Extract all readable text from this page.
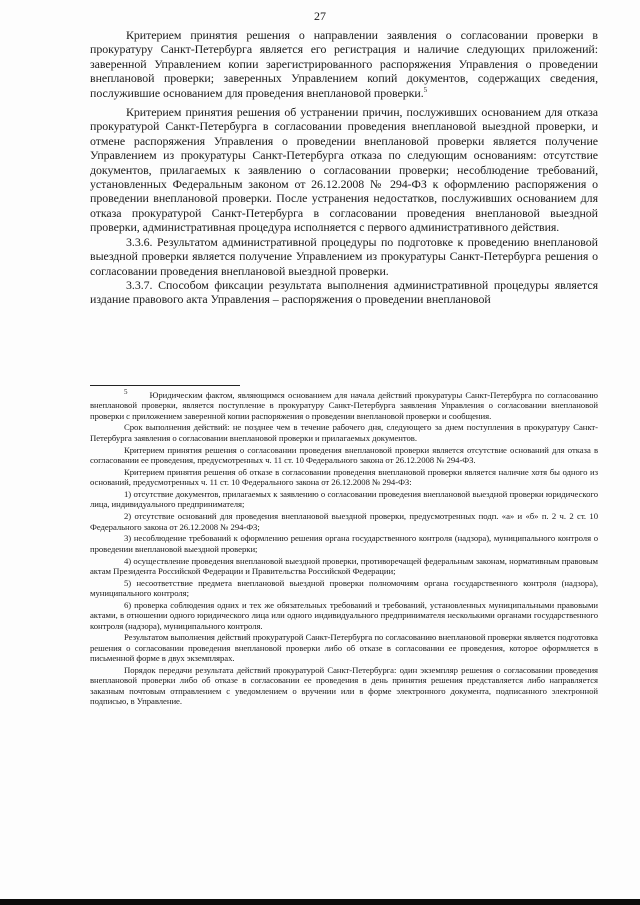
27

Критерием принятия решения о направлении заявления о согласовании проверки в прокуратуру Санкт-Петербурга является его регистрация и наличие следующих приложений: заверенной Управлением копии зарегистрированного распоряжения Управления о проведении внеплановой проверки; заверенных Управлением копий документов, содержащих сведения, послужившие основанием для проведения внеплановой проверки.$^5$

Критерием принятия решения об устранении причин, послуживших основанием для отказа прокуратурой Санкт-Петербурга в согласовании проведения внеплановой выездной проверки, и отмене распоряжения Управления о проведении внеплановой проверки является получение Управлением из прокуратуры Санкт-Петербурга отказа по следующим основаниям: отсутствие документов, прилагаемых к заявлению о согласовании проверки; несоблюдение требований, установленных Федеральным законом от 26.12.2008 № 294-ФЗ к оформлению распоряжения о проведении внеплановой проверки. После устранения недостатков, послуживших основанием для отказа прокуратурой Санкт-Петербурга в согласовании проведения внеплановой выездной проверки, административная процедура исполняется с первого административного действия.

3.3.6. Результатом административной процедуры по подготовке к проведению внеплановой выездной проверки является получение Управлением из прокуратуры Санкт-Петербурга решения о согласовании проведения внеплановой выездной проверки.

3.3.7. Способом фиксации результата выполнения административной процедуры является издание правового акта Управления – распоряжения о проведении внеплановой

$^5$	Юридическим фактом, являющимся основанием для начала действий прокуратуры Санкт-Петербурга по согласованию внеплановой проверки, является поступление в прокуратуру Санкт-Петербурга заявления Управления о согласовании внеплановой проверки с приложением заверенной копии распоряжения о проведении внеплановой проверки и сообщения.

Срок выполнения действий: не позднее чем в течение рабочего дня, следующего за днем поступления в прокуратуру Санкт-Петербурга заявления о согласовании внеплановой проверки и прилагаемых документов.

Критерием принятия решения о согласовании проведения внеплановой проверки является отсутствие оснований для отказа в согласовании ее проведения, предусмотренных ч. 11 ст. 10 Федерального закона от 26.12.2008 № 294-ФЗ.

Критерием принятия решения об отказе в согласовании проведения внеплановой проверки является наличие хотя бы одного из оснований, предусмотренных ч. 11 ст. 10 Федерального закона от 26.12.2008 № 294-ФЗ:

1) отсутствие документов, прилагаемых к заявлению о согласовании проведения внеплановой выездной проверки юридического лица, индивидуального предпринимателя;

2) отсутствие оснований для проведения внеплановой выездной проверки, предусмотренных подп. «а» и «б» п. 2 ч. 2 ст. 10 Федерального закона от 26.12.2008 № 294-ФЗ;

3) несоблюдение требований к оформлению решения органа государственного контроля (надзора), муниципального контроля о проведении внеплановой выездной проверки;

4) осуществление проведения внеплановой выездной проверки, противоречащей федеральным законам, нормативным правовым актам Президента Российской Федерации и Правительства Российской Федерации;

5) несоответствие предмета внеплановой выездной проверки полномочиям органа государственного контроля (надзора), муниципального контроля;

6) проверка соблюдения одних и тех же обязательных требований и требований, установленных муниципальными правовыми актами, в отношении одного юридического лица или одного индивидуального предпринимателя несколькими органами государственного контроля (надзора), муниципального контроля.

Результатом выполнения действий прокуратурой Санкт-Петербурга по согласованию внеплановой проверки является подготовка решения о согласовании проведения внеплановой проверки либо об отказе в согласовании ее проведения, которое оформляется в письменной форме в двух экземплярах.

Порядок передачи результата действий прокуратурой Санкт-Петербурга: один экземпляр решения о согласовании проведения внеплановой проверки либо об отказе в согласовании ее проведения в день принятия решения представляется либо направляется заказным почтовым отправлением с уведомлением о вручении или в форме электронного документа, подписанного электронной подписью, в Управление.
